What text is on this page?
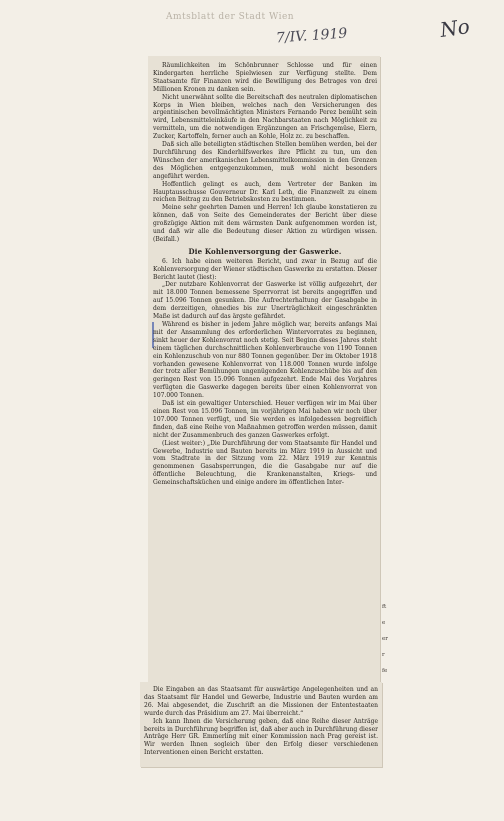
Amtsblatt der Stadt Wien
7/IV. 1919	No

Räumlichkeiten im Schönbrunner Schlosse und für einen Kindergarten herrliche Spielwiesen zur Verfügung stellte. Dem Staatsamte für Finanzen wird die Bewilligung des Betrages von drei Millionen Kronen zu danken sein.

Nicht unerwähnt sollte die Bereitschaft des neutralen diplomatischen Korps in Wien bleiben, welches nach den Versicherungen des argentinischen bevollmächtigten Ministers Fernando Perez bemüht sein wird, Lebensmitteleinkäufe in den Nachbarstaaten nach Möglichkeit zu vermitteln, um die notwendigen Ergänzungen an Frischgemüse, Eiern, Zucker, Kartoffeln, ferner auch an Kohle, Holz zc. zu beschaffen.

Daß sich alle beteiligten städtischen Stellen bemühen werden, bei der Durchführung des Kinderhilfswerkes ihre Pflicht zu tun, um den Wünschen der amerikanischen Lebensmittelkommission in den Grenzen des Möglichen entgegenzukommen, muß wohl nicht besonders angeführt werden.

Hoffentlich gelingt es auch, dem Vertreter der Banken im Hauptausschusse Gouverneur Dr. Karl Leth, die Finanzwelt zu einem reichen Beitrag zu den Betriebskosten zu bestimmen.

Meine sehr geehrten Damen und Herren! Ich glaube konstatieren zu können, daß von Seite des Gemeinderates der Bericht über diese großzügige Aktion mit dem wärmsten Dank aufgenommen worden ist, und daß wir alle die Bedeutung dieser Aktion zu würdigen wissen. (Beifall.)

Die Kohlenversorgung der Gaswerke.

6. Ich habe einen weiteren Bericht, und zwar in Bezug auf die Kohlenversorgung der Wiener städtischen Gaswerke zu erstatten. Dieser Bericht lautet (liest):

„Der nutzbare Kohlenvorrat der Gaswerke ist völlig aufgezehrt, der mit 18.000 Tonnen bemessene Sperrvorrat ist bereits angegriffen und auf 15.096 Tonnen gesunken. Die Aufrechterhaltung der Gasabgabe in dem derzeitigen, ohnedies bis zur Unerträglichkeit eingeschränkten Maße ist dadurch auf das ärgste gefährdet.

Während es bisher in jedem Jahre möglich war, bereits anfangs Mai mit der Ansammlung des erforderlichen Wintervorrates zu beginnen, sinkt heuer der Kohlenvorrat noch stetig. Seit Beginn dieses Jahres steht einem täglichen durchschnittlichen Kohlenverbrauche von 1190 Tonnen ein Kohlenzuschub von nur 880 Tonnen gegenüber. Der im Oktober 1918 vorhanden gewesene Kohlenvorrat von 118.000 Tonnen wurde infolge der trotz aller Bemühungen ungenügenden Kohlenzuschübe bis auf den geringen Rest von 15.096 Tonnen aufgezehrt. Ende Mai des Vorjahres verfügten die Gaswerke dagegen bereits über einen Kohlenvorrat von 107.000 Tonnen.

Daß ist ein gewaltiger Unterschied. Heuer verfügen wir im Mai über einen Rest von 15.096 Tonnen, im vorjährigen Mai haben wir noch über 107.000 Tonnen verfügt, und Sie werden es infolgedessen begreiflich finden, daß eine Reihe von Maßnahmen getroffen werden müssen, damit nicht der Zusammenbruch des ganzen Gaswerkes erfolgt.

(Liest weiter:) „Die Durchführung der vom Staatsamte für Handel und Gewerbe, Industrie und Bauten bereits im März 1919 in Aussicht und vom Stadtrate in der Sitzung vom 22. März 1919 zur Kenntnis genommenen Gasabsperrungen, die die Gasabgabe nur auf die öffentliche Beleuchtung, die Krankenanstalten, Kriegs- und Gemeinschaftsküchen und einige andere im öffentlichen Inter-

ft
e
er
r
fe

Die Eingaben an das Staatsamt für auswärtige Angelegenheiten und an das Staatsamt für Handel und Gewerbe, Industrie und Bauten wurden am 26. Mai abgesendet, die Zuschrift an die Missionen der Ententestaaten wurde durch das Präsidium am 27. Mai überreicht.“

Ich kann Ihnen die Versicherung geben, daß eine Reihe dieser Anträge bereits in Durchführung begriffen ist, daß aber auch in Durchführung dieser Anträge Herr GR. Emmerling mit einer Kommission nach Prag gereist ist. Wir werden Ihnen sogleich über den Erfolg dieser verschiedenen Interventionen einen Bericht erstatten.
